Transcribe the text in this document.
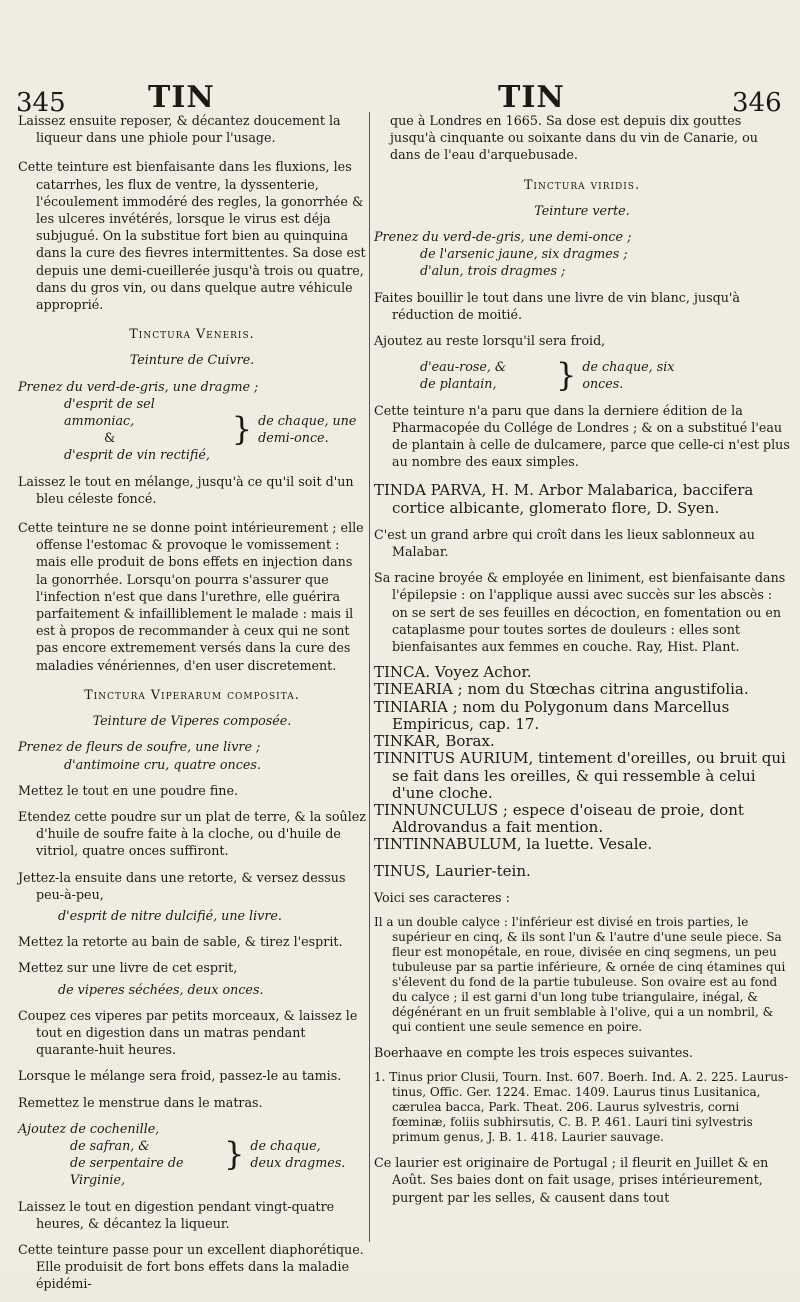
345	TIN	TIN	346

Laissez ensuite reposer, & décantez doucement la liqueur dans une phiole pour l'usage.

Cette teinture est bienfaisante dans les fluxions, les catarrhes, les flux de ventre, la dyssenterie, l'écoulement immodéré des regles, la gonorrhée & les ulceres invétérés, lorsque le virus est déja subjugué. On la substitue fort bien au quinquina dans la cure des fievres intermittentes. Sa dose est depuis une demi-cueillerée jusqu'à trois ou quatre, dans du gros vin, ou dans quelque autre véhicule approprié.

Tinctura Veneris.

Teinture de Cuivre.

Prenez du verd-de-gris, une dragme ;
d'esprit de sel ammoniac,
&
d'esprit de vin rectifié,
} de chaque, une demi-once.

Laissez le tout en mélange, jusqu'à ce qu'il soit d'un bleu céleste foncé.

Cette teinture ne se donne point intérieurement ; elle offense l'estomac & provoque le vomissement : mais elle produit de bons effets en injection dans la gonorrhée. Lorsqu'on pourra s'assurer que l'infection n'est que dans l'urethre, elle guérira parfaitement & infailliblement le malade : mais il est à propos de recommander à ceux qui ne sont pas encore extremement versés dans la cure des maladies vénériennes, d'en user discretement.

Tinctura Viperarum composita.

Teinture de Viperes composée.

Prenez de fleurs de soufre, une livre ;
d'antimoine cru, quatre onces.

Mettez le tout en une poudre fine.

Etendez cette poudre sur un plat de terre, & la soûlez d'huile de soufre faite à la cloche, ou d'huile de vitriol, quatre onces suffiront.

Jettez-la ensuite dans une retorte, & versez dessus peu-à-peu,

d'esprit de nitre dulcifié, une livre.

Mettez la retorte au bain de sable, & tirez l'esprit.

Mettez sur une livre de cet esprit,

de viperes séchées, deux onces.

Coupez ces viperes par petits morceaux, & laissez le tout en digestion dans un matras pendant quarante-huit heures.

Lorsque le mélange sera froid, passez-le au tamis.

Remettez le menstrue dans le matras.

Ajoutez de cochenille,
de safran, &
de serpentaire de Virginie,
} de chaque, deux dragmes.

Laissez le tout en digestion pendant vingt-quatre heures, & décantez la liqueur.

Cette teinture passe pour un excellent diaphorétique. Elle produisit de fort bons effets dans la maladie épidémi-

que à Londres en 1665. Sa dose est depuis dix gouttes jusqu'à cinquante ou soixante dans du vin de Canarie, ou dans de l'eau d'arquebusade.

Tinctura viridis.

Teinture verte.

Prenez du verd-de-gris, une demi-once ;
de l'arsenic jaune, six dragmes ;
d'alun, trois dragmes ;

Faites bouillir le tout dans une livre de vin blanc, jusqu'à réduction de moitié.

Ajoutez au reste lorsqu'il sera froid,

d'eau-rose, &
de plantain,	} de chaque, six onces.

Cette teinture n'a paru que dans la derniere édition de la Pharmacopée du Collége de Londres ; & on a substitué l'eau de plantain à celle de dulcamere, parce que celle-ci n'est plus au nombre des eaux simples.

TINDA PARVA, H. M. Arbor Malabarica, baccifera cortice albicante, glomerato flore, D. Syen.

C'est un grand arbre qui croît dans les lieux sablonneux au Malabar.

Sa racine broyée & employée en liniment, est bienfaisante dans l'épilepsie : on l'applique aussi avec succès sur les abscès : on se sert de ses feuilles en décoction, en fomentation ou en cataplasme pour toutes sortes de douleurs : elles sont bienfaisantes aux femmes en couche. Ray, Hist. Plant.

TINCA. Voyez Achor.

TINEARIA ; nom du Stœchas citrina angustifolia.

TINIARIA ; nom du Polygonum dans Marcellus Empiricus, cap. 17.

TINKAR, Borax.

TINNITUS AURIUM, tintement d'oreilles, ou bruit qui se fait dans les oreilles, & qui ressemble à celui d'une cloche.

TINNUNCULUS ; espece d'oiseau de proie, dont Aldrovandus a fait mention.

TINTINNABULUM, la luette. Vesale.

TINUS, Laurier-tein.

Voici ses caracteres :

Il a un double calyce : l'inférieur est divisé en trois parties, le supérieur en cinq, & ils sont l'un & l'autre d'une seule piece. Sa fleur est monopétale, en roue, divisée en cinq segmens, un peu tubuleuse par sa partie inférieure, & ornée de cinq étamines qui s'élevent du fond de la partie tubuleuse. Son ovaire est au fond du calyce ; il est garni d'un long tube triangulaire, inégal, & dégénérant en un fruit semblable à l'olive, qui a un nombril, & qui contient une seule semence en poire.

Boerhaave en compte les trois especes suivantes.

1. Tinus prior Clusii, Tourn. Inst. 607. Boerh. Ind. A. 2. 225. Laurus-tinus, Offic. Ger. 1224. Emac. 1409. Laurus tinus Lusitanica, cærulea bacca, Park. Theat. 206. Laurus sylvestris, corni fœminæ, foliis subhirsutis, C. B. P. 461. Lauri tini sylvestris primum genus, J. B. 1. 418. Laurier sauvage.

Ce laurier est originaire de Portugal ; il fleurit en Juillet & en Août. Ses baies dont on fait usage, prises intérieurement, purgent par les selles, & causent dans tout
